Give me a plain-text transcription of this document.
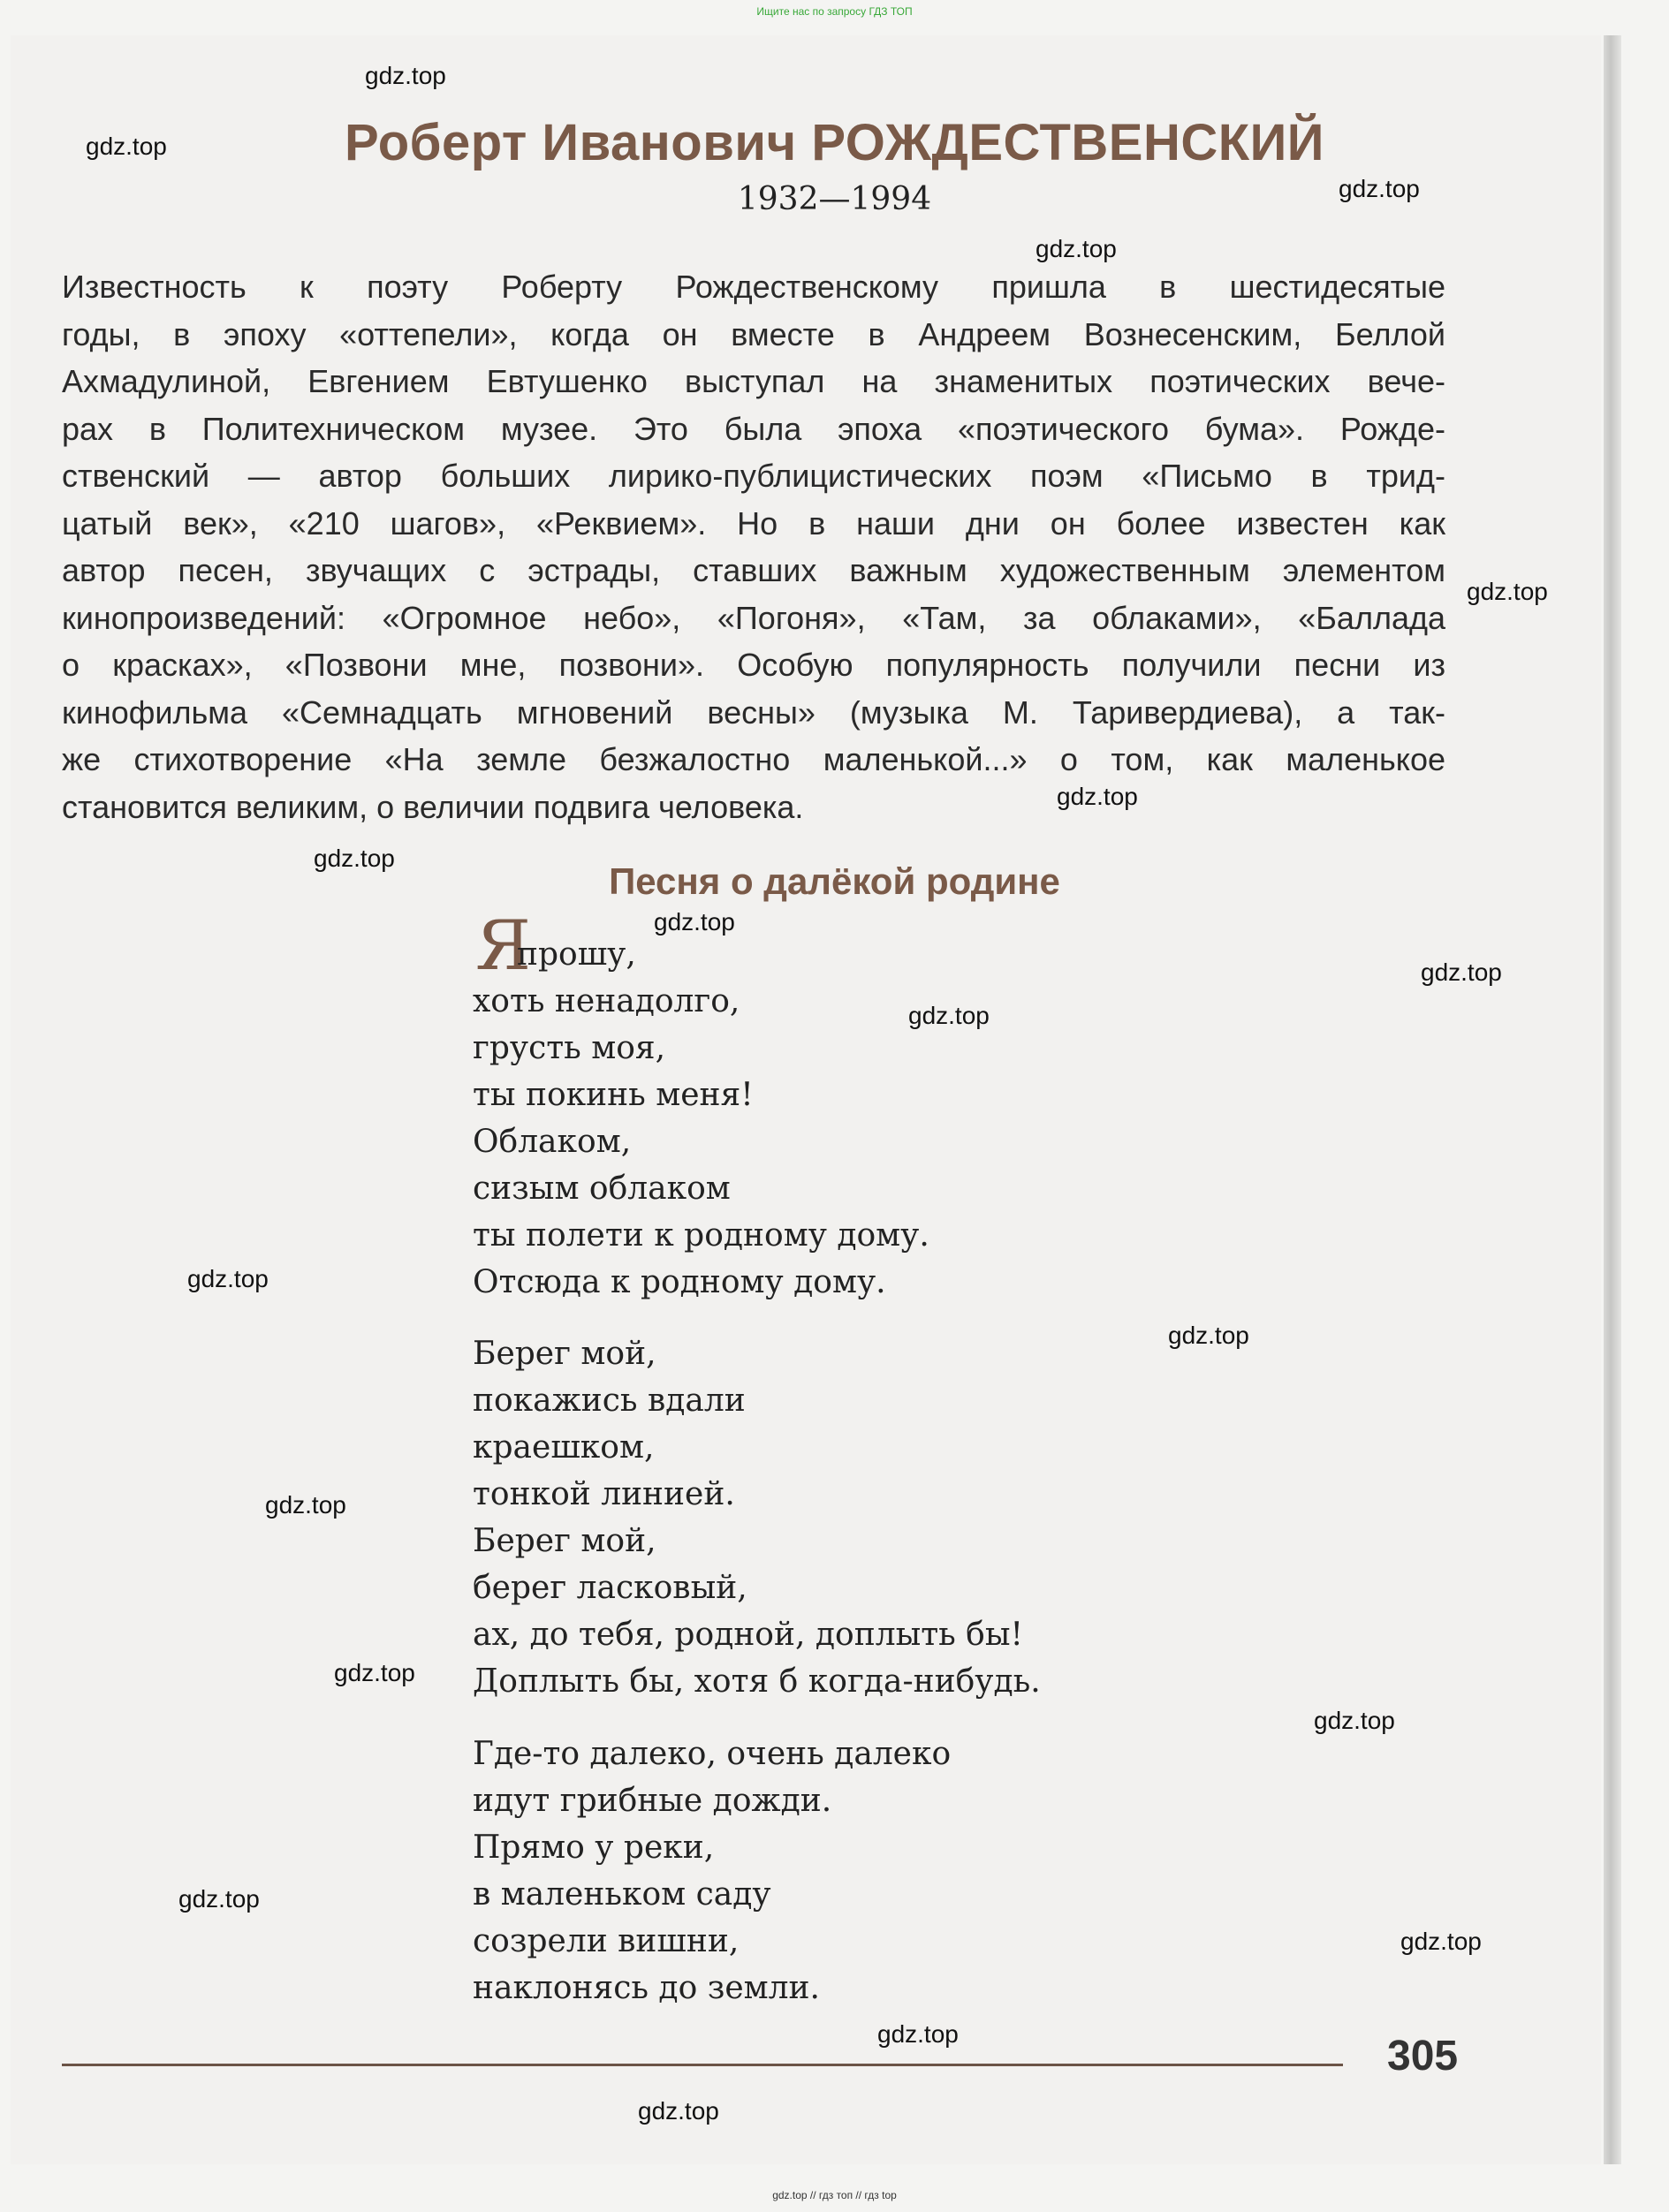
Ищите нас по запросу ГДЗ ТОП
Роберт Иванович РОЖДЕСТВЕНСКИЙ
1932—1994
Известность к поэту Роберту Рождественскому пришла в шестидесятые
годы, в эпоху «оттепели», когда он вместе в Андреем Вознесенским, Беллой
Ахмадулиной, Евгением Евтушенко выступал на знаменитых поэтических вече-
рах в Политехническом музее. Это была эпоха «поэтического бума». Рожде-
ственский — автор больших лирико-публицистических поэм «Письмо в трид-
цатый век», «210 шагов», «Реквием». Но в наши дни он более известен как
автор песен, звучащих с эстрады, ставших важным художественным элементом
кинопроизведений: «Огромное небо», «Погоня», «Там, за облаками», «Баллада
о красках», «Позвони мне, позвони». Особую популярность получили песни из
кинофильма «Семнадцать мгновений весны» (музыка М. Таривердиева), а так-
же стихотворение «На земле безжалостно маленькой...» о том, как маленькое
становится великим, о величии подвига человека.
Песня о далёкой родине
Я
прошу,
хоть ненадолго,
грусть моя,
ты покинь меня!
Облаком,
сизым облаком
ты полети к родному дому.
Отсюда к родному дому.
Берег мой,
покажись вдали
краешком,
тонкой линией.
Берег мой,
берег ласковый,
ах, до тебя, родной, доплыть бы!
Доплыть бы, хотя б когда-нибудь.
Где-то далеко, очень далеко
идут грибные дожди.
Прямо у реки,
в маленьком саду
созрели вишни,
наклонясь до земли.
305
gdz.top
gdz.top
gdz.top
gdz.top
gdz.top
gdz.top
gdz.top
gdz.top
gdz.top
gdz.top
gdz.top
gdz.top
gdz.top
gdz.top
gdz.top
gdz.top
gdz.top
gdz.top
gdz.top
gdz.top // гдз топ // гдз top
